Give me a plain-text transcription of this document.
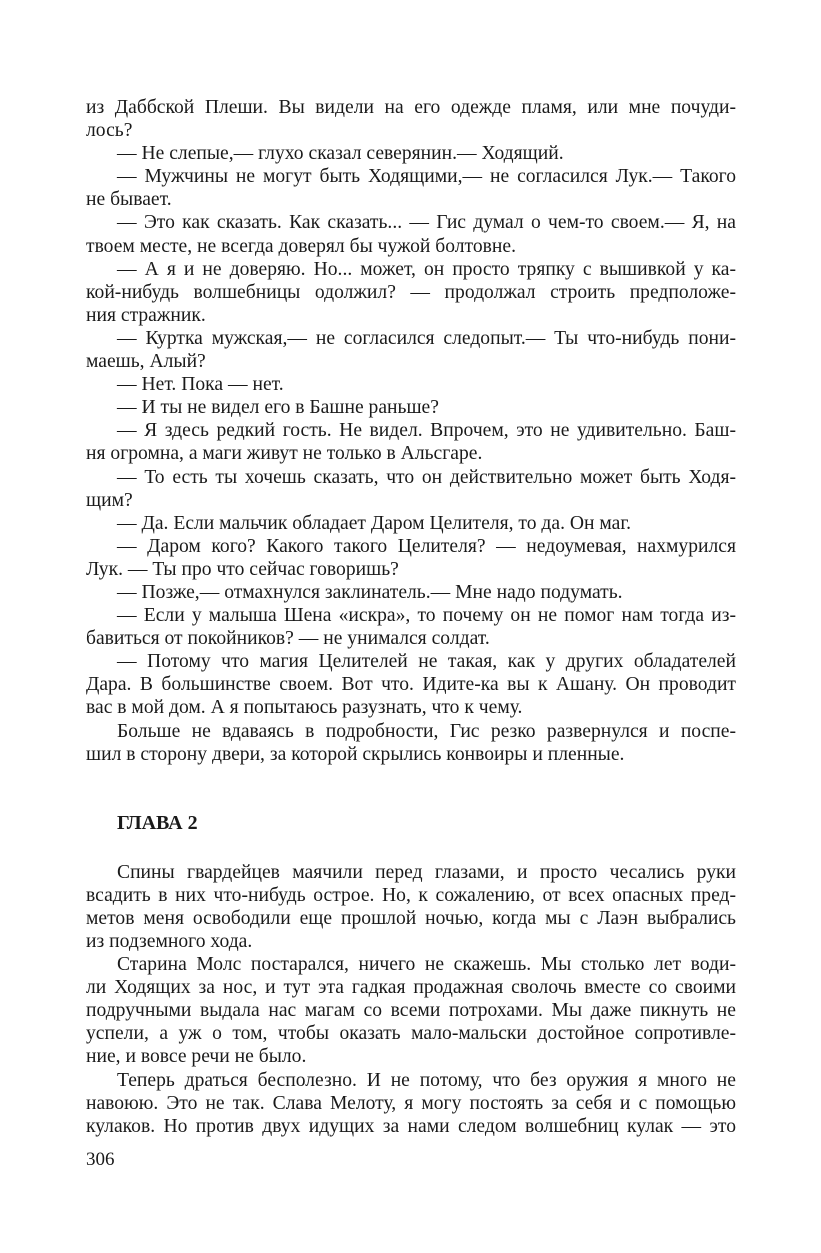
из Даббской Плеши. Вы видели на его одежде пламя, или мне почуди-
лось?
— Не слепые,— глухо сказал северянин.— Ходящий.
— Мужчины не могут быть Ходящими,— не согласился Лук.— Такого
не бывает.
— Это как сказать. Как сказать... — Гис думал о чем-то своем.— Я, на
твоем месте, не всегда доверял бы чужой болтовне.
— А я и не доверяю. Но... может, он просто тряпку с вышивкой у ка-
кой-нибудь волшебницы одолжил? — продолжал строить предположе-
ния стражник.
— Куртка мужская,— не согласился следопыт.— Ты что-нибудь пони-
маешь, Алый?
— Нет. Пока — нет.
— И ты не видел его в Башне раньше?
— Я здесь редкий гость. Не видел. Впрочем, это не удивительно. Баш-
ня огромна, а маги живут не только в Альсгаре.
— То есть ты хочешь сказать, что он действительно может быть Ходя-
щим?
— Да. Если мальчик обладает Даром Целителя, то да. Он маг.
— Даром кого? Какого такого Целителя? — недоумевая, нахмурился
Лук. — Ты про что сейчас говоришь?
— Позже,— отмахнулся заклинатель.— Мне надо подумать.
— Если у малыша Шена «искра», то почему он не помог нам тогда из-
бавиться от покойников? — не унимался солдат.
— Потому что магия Целителей не такая, как у других обладателей
Дара. В большинстве своем. Вот что. Идите-ка вы к Ашану. Он проводит
вас в мой дом. А я попытаюсь разузнать, что к чему.
Больше не вдаваясь в подробности, Гис резко развернулся и поспе-
шил в сторону двери, за которой скрылись конвоиры и пленные.
ГЛАВА 2
Спины гвардейцев маячили перед глазами, и просто чесались руки
всадить в них что-нибудь острое. Но, к сожалению, от всех опасных пред-
метов меня освободили еще прошлой ночью, когда мы с Лаэн выбрались
из подземного хода.
Старина Молс постарался, ничего не скажешь. Мы столько лет води-
ли Ходящих за нос, и тут эта гадкая продажная сволочь вместе со своими
подручными выдала нас магам со всеми потрохами. Мы даже пикнуть не
успели, а уж о том, чтобы оказать мало-мальски достойное сопротивле-
ние, и вовсе речи не было.
Теперь драться бесполезно. И не потому, что без оружия я много не
навоюю. Это не так. Слава Мелоту, я могу постоять за себя и с помощью
кулаков. Но против двух идущих за нами следом волшебниц кулак — это
306
